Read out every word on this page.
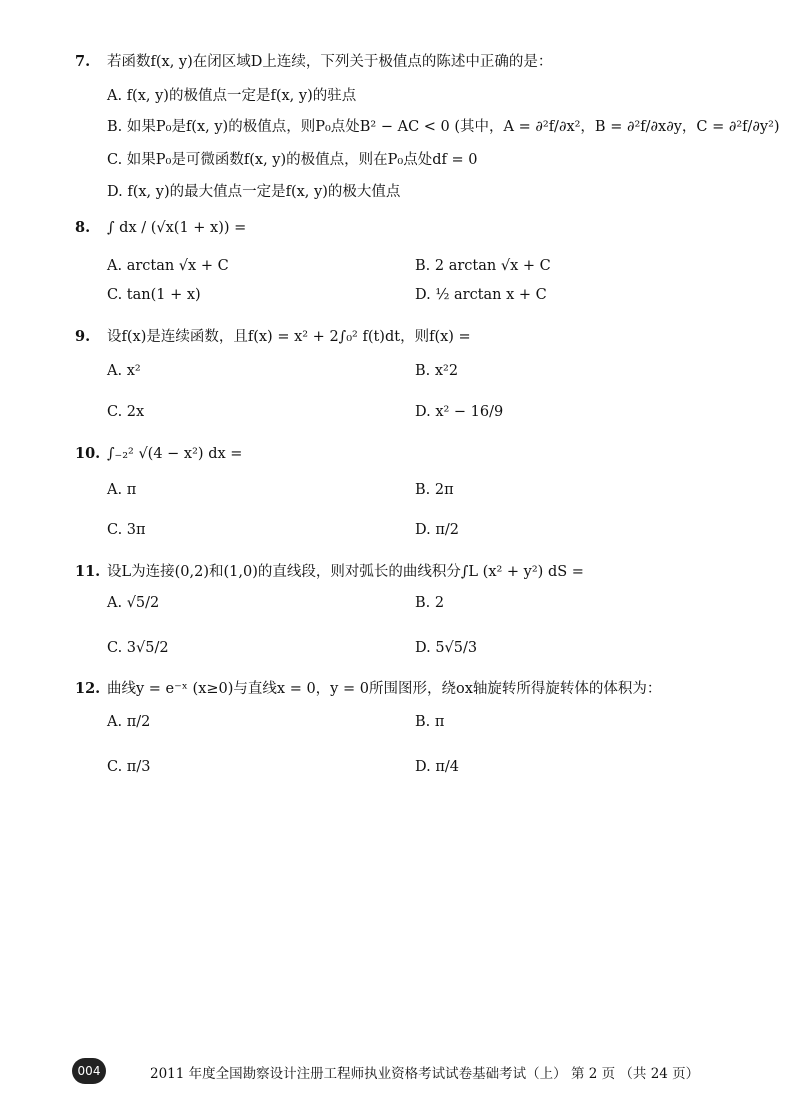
7. 若函数f(x, y)在闭区域D上连续，下列关于极值点的陈述中正确的是：
A. f(x, y)的极值点一定是f(x, y)的驻点
B. 如果P₀是f(x, y)的极值点，则P₀点处B² − AC < 0 (其中，A = ∂²f/∂x²，B = ∂²f/∂x∂y，C = ∂²f/∂y²)
C. 如果P₀是可微函数f(x, y)的极值点，则在P₀点处df = 0
D. f(x, y)的最大值点一定是f(x, y)的极大值点
8. ∫ dx / (√x(1 + x)) =
A. arctan √x + C	B. 2 arctan √x + C
C. tan(1 + x)	D. ½ arctan x + C
9. 设f(x)是连续函数，且f(x) = x² + 2∫₀² f(t)dt，则f(x) =
A. x²	B. x²2
C. 2x	D. x² − 16/9
10. ∫₋₂² √(4 − x²) dx =
A. π	B. 2π
C. 3π	D. π/2
11. 设L为连接(0,2)和(1,0)的直线段，则对弧长的曲线积分∫L (x² + y²) dS =
A. √5/2	B. 2
C. 3√5/2	D. 5√5/3
12. 曲线y = e⁻ˣ (x≥0)与直线x = 0，y = 0所围图形，绕ox轴旋转所得旋转体的体积为：
A. π/2	B. π
C. π/3	D. π/4
004	2011 年度全国勘察设计注册工程师执业资格考试试卷基础考试（上） 第 2 页 （共 24 页）
